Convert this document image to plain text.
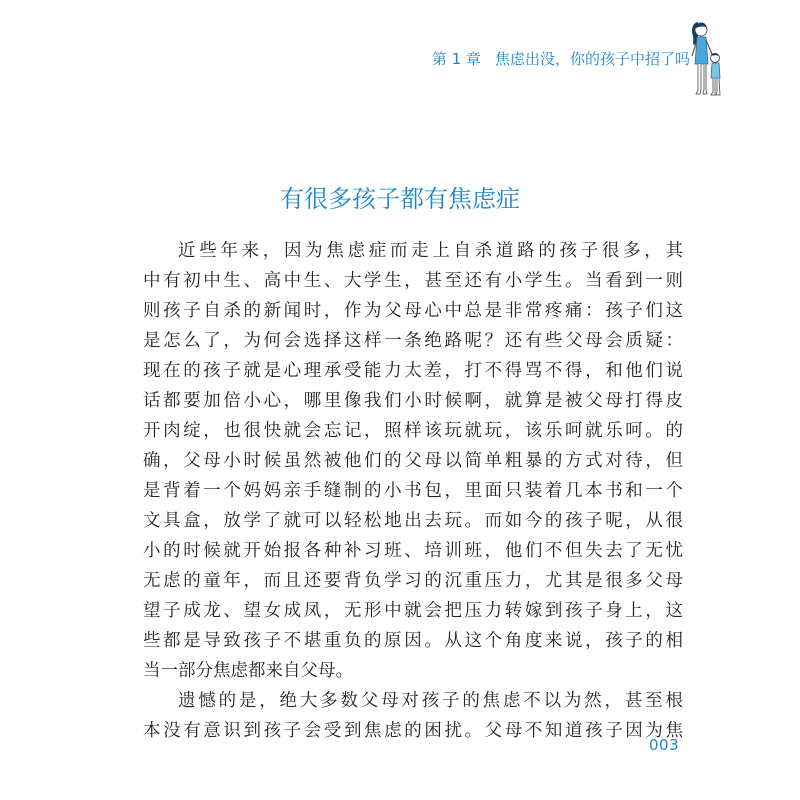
第 1 章 焦虑出没，你的孩子中招了吗
有很多孩子都有焦虑症
近些年来，因为焦虑症而走上自杀道路的孩子很多，其
中有初中生、高中生、大学生，甚至还有小学生。当看到一则
则孩子自杀的新闻时，作为父母心中总是非常疼痛：孩子们这
是怎么了，为何会选择这样一条绝路呢？还有些父母会质疑：
现在的孩子就是心理承受能力太差，打不得骂不得，和他们说
话都要加倍小心，哪里像我们小时候啊，就算是被父母打得皮
开肉绽，也很快就会忘记，照样该玩就玩，该乐呵就乐呵。的
确，父母小时候虽然被他们的父母以简单粗暴的方式对待，但
是背着一个妈妈亲手缝制的小书包，里面只装着几本书和一个
文具盒，放学了就可以轻松地出去玩。而如今的孩子呢，从很
小的时候就开始报各种补习班、培训班，他们不但失去了无忧
无虑的童年，而且还要背负学习的沉重压力，尤其是很多父母
望子成龙、望女成凤，无形中就会把压力转嫁到孩子身上，这
些都是导致孩子不堪重负的原因。从这个角度来说，孩子的相
当一部分焦虑都来自父母。
遗憾的是，绝大多数父母对孩子的焦虑不以为然，甚至根
本没有意识到孩子会受到焦虑的困扰。父母不知道孩子因为焦
003
